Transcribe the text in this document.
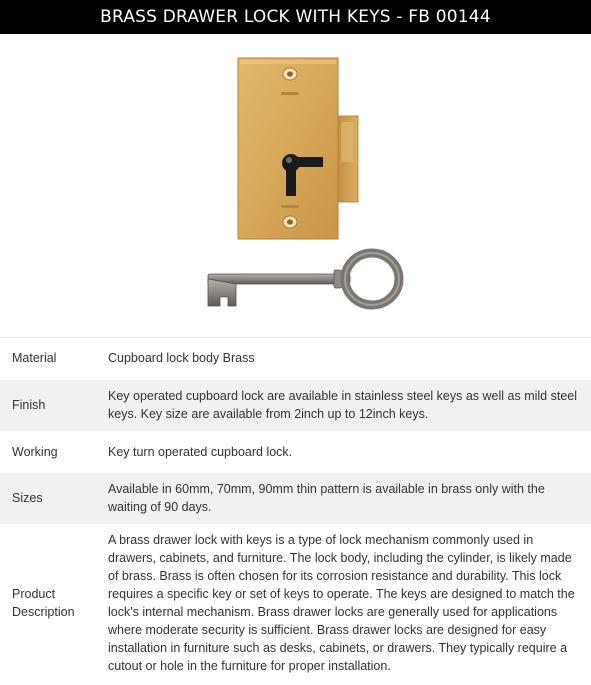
BRASS DRAWER LOCK WITH KEYS - FB 00144
Material	Cupboard lock body Brass
Finish	Key operated cupboard lock are available in stainless steel keys as well as mild steel keys. Key size are available from 2inch up to 12inch keys.
Working	Key turn operated cupboard lock.
Sizes	Available in 60mm, 70mm, 90mm thin pattern is available in brass only with the waiting of 90 days.
Product Description	A brass drawer lock with keys is a type of lock mechanism commonly used in drawers, cabinets, and furniture. The lock body, including the cylinder, is likely made of brass. Brass is often chosen for its corrosion resistance and durability. This lock requires a specific key or set of keys to operate. The keys are designed to match the lock's internal mechanism. Brass drawer locks are generally used for applications where moderate security is sufficient. Brass drawer locks are designed for easy installation in furniture such as desks, cabinets, or drawers. They typically require a cutout or hole in the furniture for proper installation.
